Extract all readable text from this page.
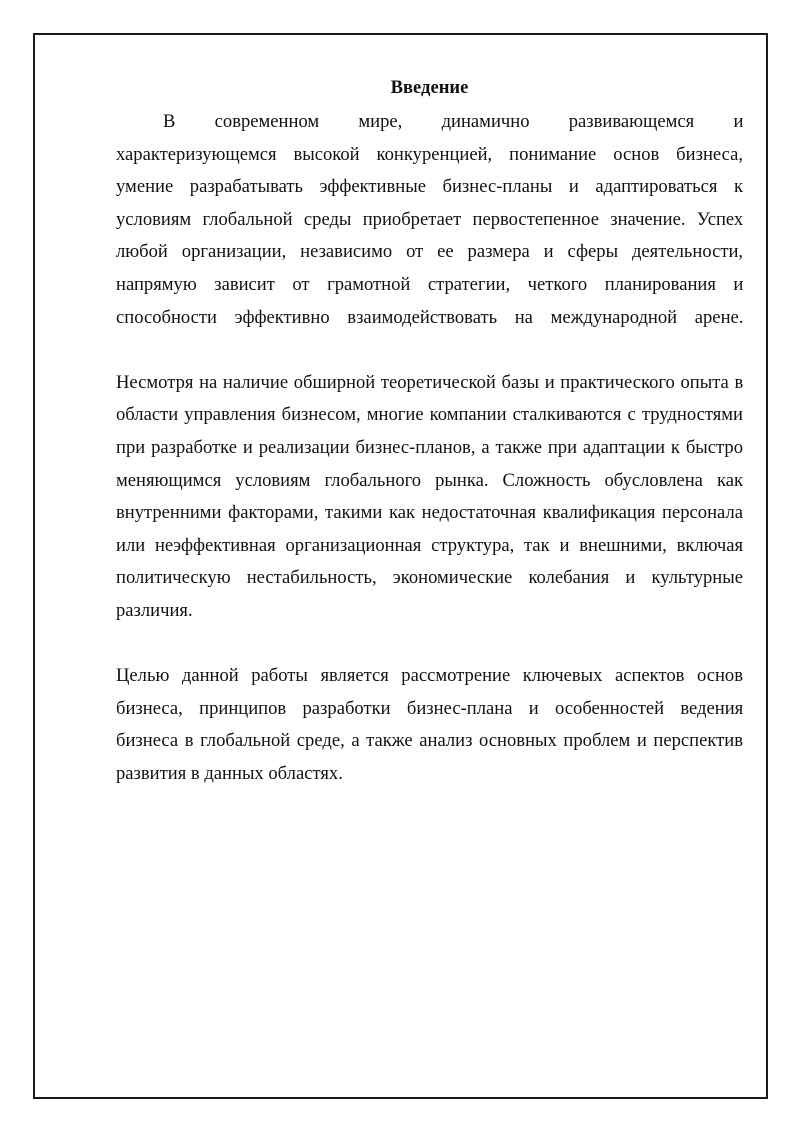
Введение
В современном мире, динамично развивающемся и
характеризующемся высокой конкуренцией, понимание основ бизнеса,
умение разрабатывать эффективные бизнес-планы и адаптироваться к
условиям глобальной среды приобретает первостепенное значение. Успех
любой организации, независимо от ее размера и сферы деятельности,
напрямую зависит от грамотной стратегии, четкого планирования и
способности эффективно взаимодействовать на международной арене.
Несмотря на наличие обширной теоретической базы и практического опыта в
области управления бизнесом, многие компании сталкиваются с трудностями
при разработке и реализации бизнес-планов, а также при адаптации к быстро
меняющимся условиям глобального рынка. Сложность обусловлена как
внутренними факторами, такими как недостаточная квалификация персонала
или неэффективная организационная структура, так и внешними, включая
политическую нестабильность, экономические колебания и культурные
различия.
Целью данной работы является рассмотрение ключевых аспектов основ
бизнеса, принципов разработки бизнес-плана и особенностей ведения
бизнеса в глобальной среде, а также анализ основных проблем и перспектив
развития в данных областях.
